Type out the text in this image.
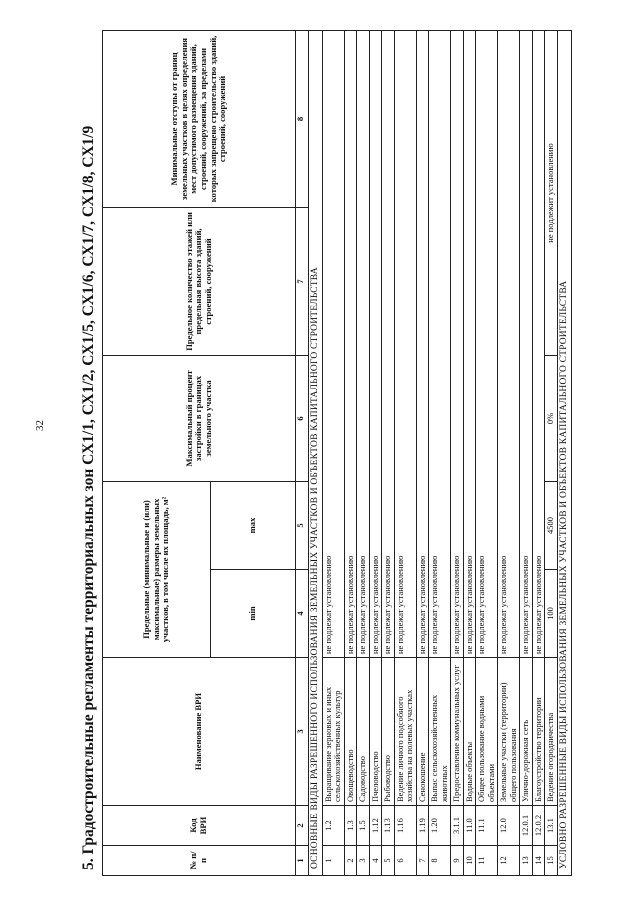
32 5. Градостроительные регламенты территориальных зон СХ1/1, СХ1/2, СХ1/5, СХ1/6, СХ1/7, СХ1/8, СХ1/9	№ п/п	Код ВРИ	Наименование ВРИ	Предельные (минимальные и (или) максимальные) размеры земельных участков, в том числе их площадь, м²		Максимальный процент застройки в границах земельного участка	Предельное количество этажей или предельная высота зданий, строений, сооружений	Минимальные отступы от границ земельных участков в целях определения мест допустимого размещения зданий, строений, сооружений, за пределами которых запрещено строительство зданий, строений, сооружений
			min	max			
1	2	3	4	5	6	7	8
ОСНОВНЫЕ ВИДЫ РАЗРЕШЕННОГО ИСПОЛЬЗОВАНИЯ ЗЕМЕЛЬНЫХ УЧАСТКОВ И ОБЪЕКТОВ КАПИТАЛЬНОГО СТРОИТЕЛЬСТВА							
1	1.2	Выращивание зерновых и иных сельскохозяйственных культур	не подлежат установлению				
2	1.3	Овощеводство	не подлежат установлению				
3	1.5	Садоводство	не подлежат установлению				
4	1.12	Пчеловодство	не подлежат установлению				
5	1.13	Рыбоводство	не подлежат установлению				
6	1.16	Ведение личного подсобного хозяйства на полевых участках	не подлежат установлению				
7	1.19	Сенокошение	не подлежат установлению				
8	1.20	Выпас сельскохозяйственных животных	не подлежат установлению				
9	3.1.1	Предоставление коммунальных услуг	не подлежат установлению				
10	11.0	Водные объекты	не подлежат установлению				
11	11.1	Общее пользование водными объектами	не подлежат установлению				
12	12.0	Земельные участки (территории) общего пользования	не подлежат установлению				
13	12.0.1	Улично-дорожная сеть	не подлежат установлению				
14	12.0.2	Благоустройство территории	не подлежат установлению				
15	13.1	Ведение огородничества	100	4500	0%	не подлежит установлению	
УСЛОВНО РАЗРЕШЕННЫЕ ВИДЫ ИСПОЛЬЗОВАНИЯ ЗЕМЕЛЬНЫХ УЧАСТКОВ И ОБЪЕКТОВ КАПИТАЛЬНОГО СТРОИТЕЛЬСТВА							
